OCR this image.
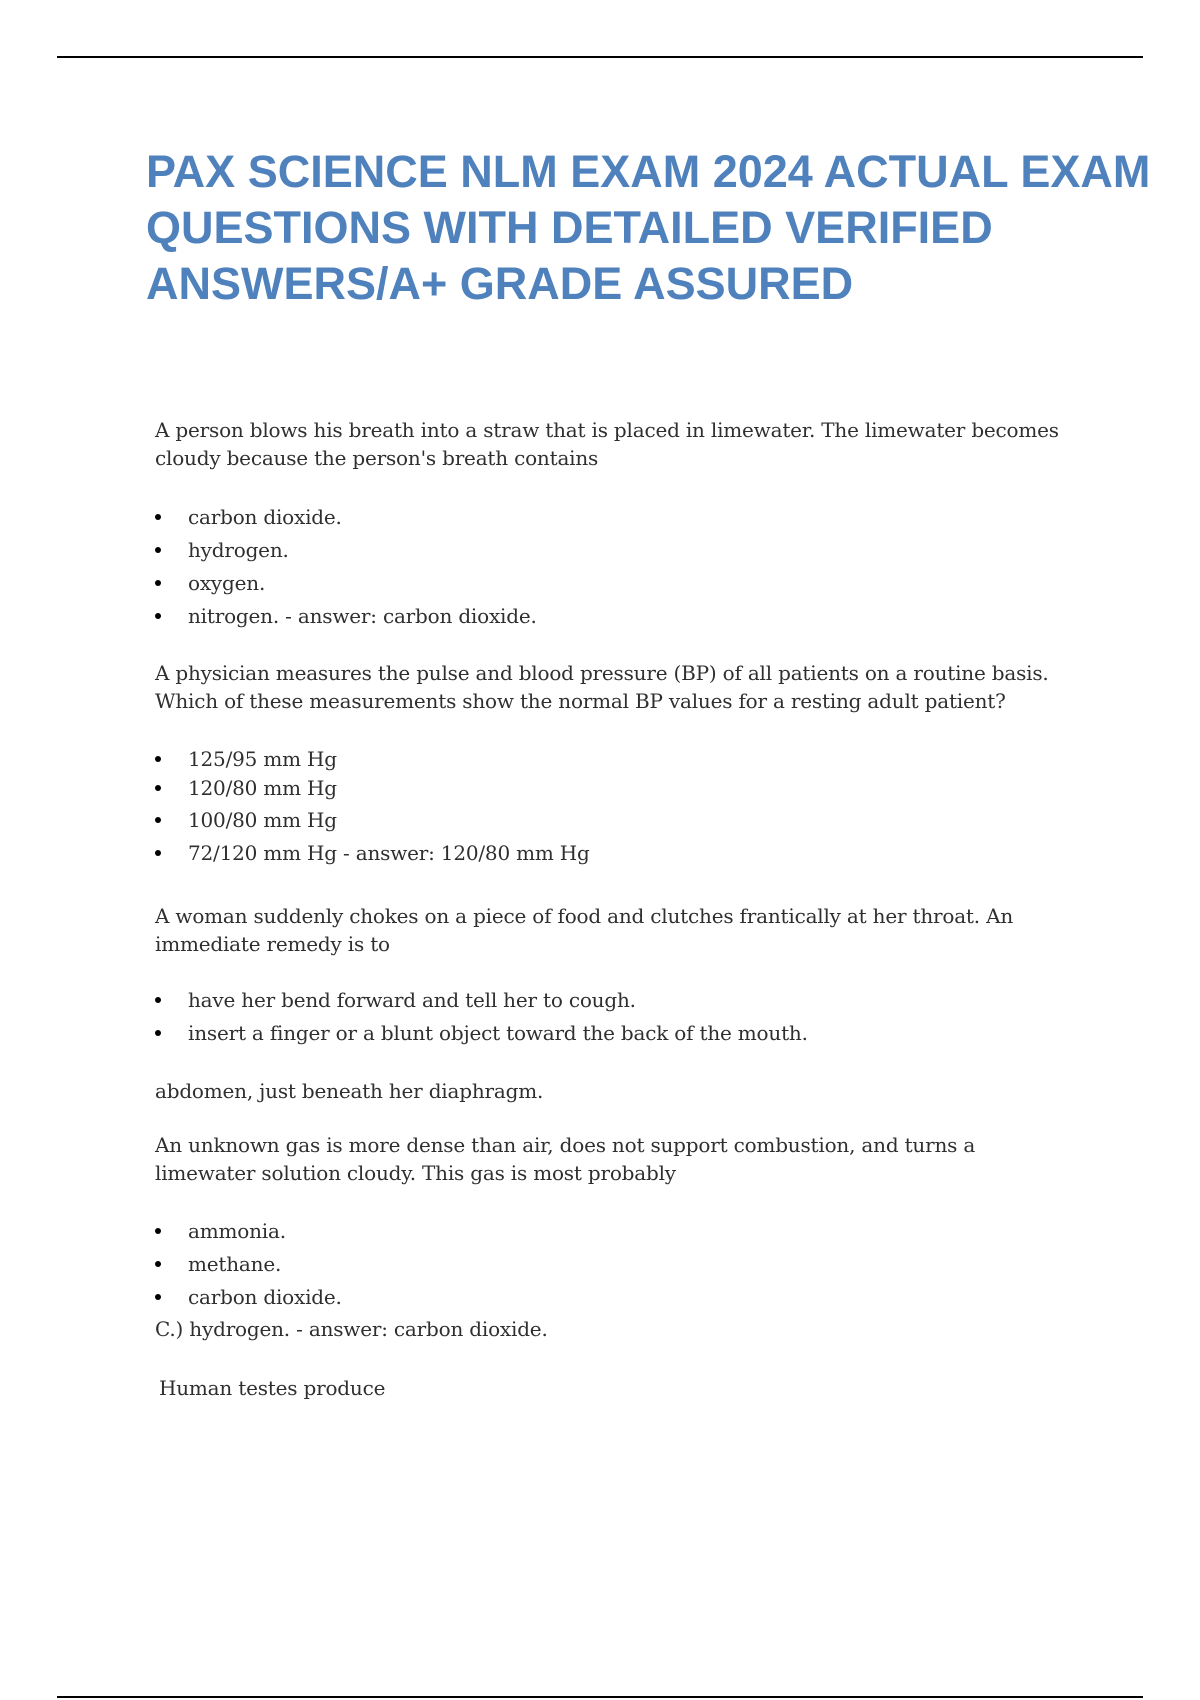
PAX SCIENCE NLM EXAM 2024 ACTUAL EXAM
QUESTIONS WITH DETAILED VERIFIED
ANSWERS/A+ GRADE ASSURED

A person blows his breath into a straw that is placed in limewater. The limewater becomes
cloudy because the person's breath contains

carbon dioxide.
hydrogen.
oxygen.
nitrogen. - answer: carbon dioxide.

A physician measures the pulse and blood pressure (BP) of all patients on a routine basis.
Which of these measurements show the normal BP values for a resting adult patient?

125/95 mm Hg
120/80 mm Hg
100/80 mm Hg
72/120 mm Hg - answer: 120/80 mm Hg

A woman suddenly chokes on a piece of food and clutches frantically at her throat. An
immediate remedy is to

have her bend forward and tell her to cough.
insert a finger or a blunt object toward the back of the mouth.

abdomen, just beneath her diaphragm.

An unknown gas is more dense than air, does not support combustion, and turns a
limewater solution cloudy. This gas is most probably

ammonia.
methane.
carbon dioxide.

C.) hydrogen. - answer: carbon dioxide.

Human testes produce
